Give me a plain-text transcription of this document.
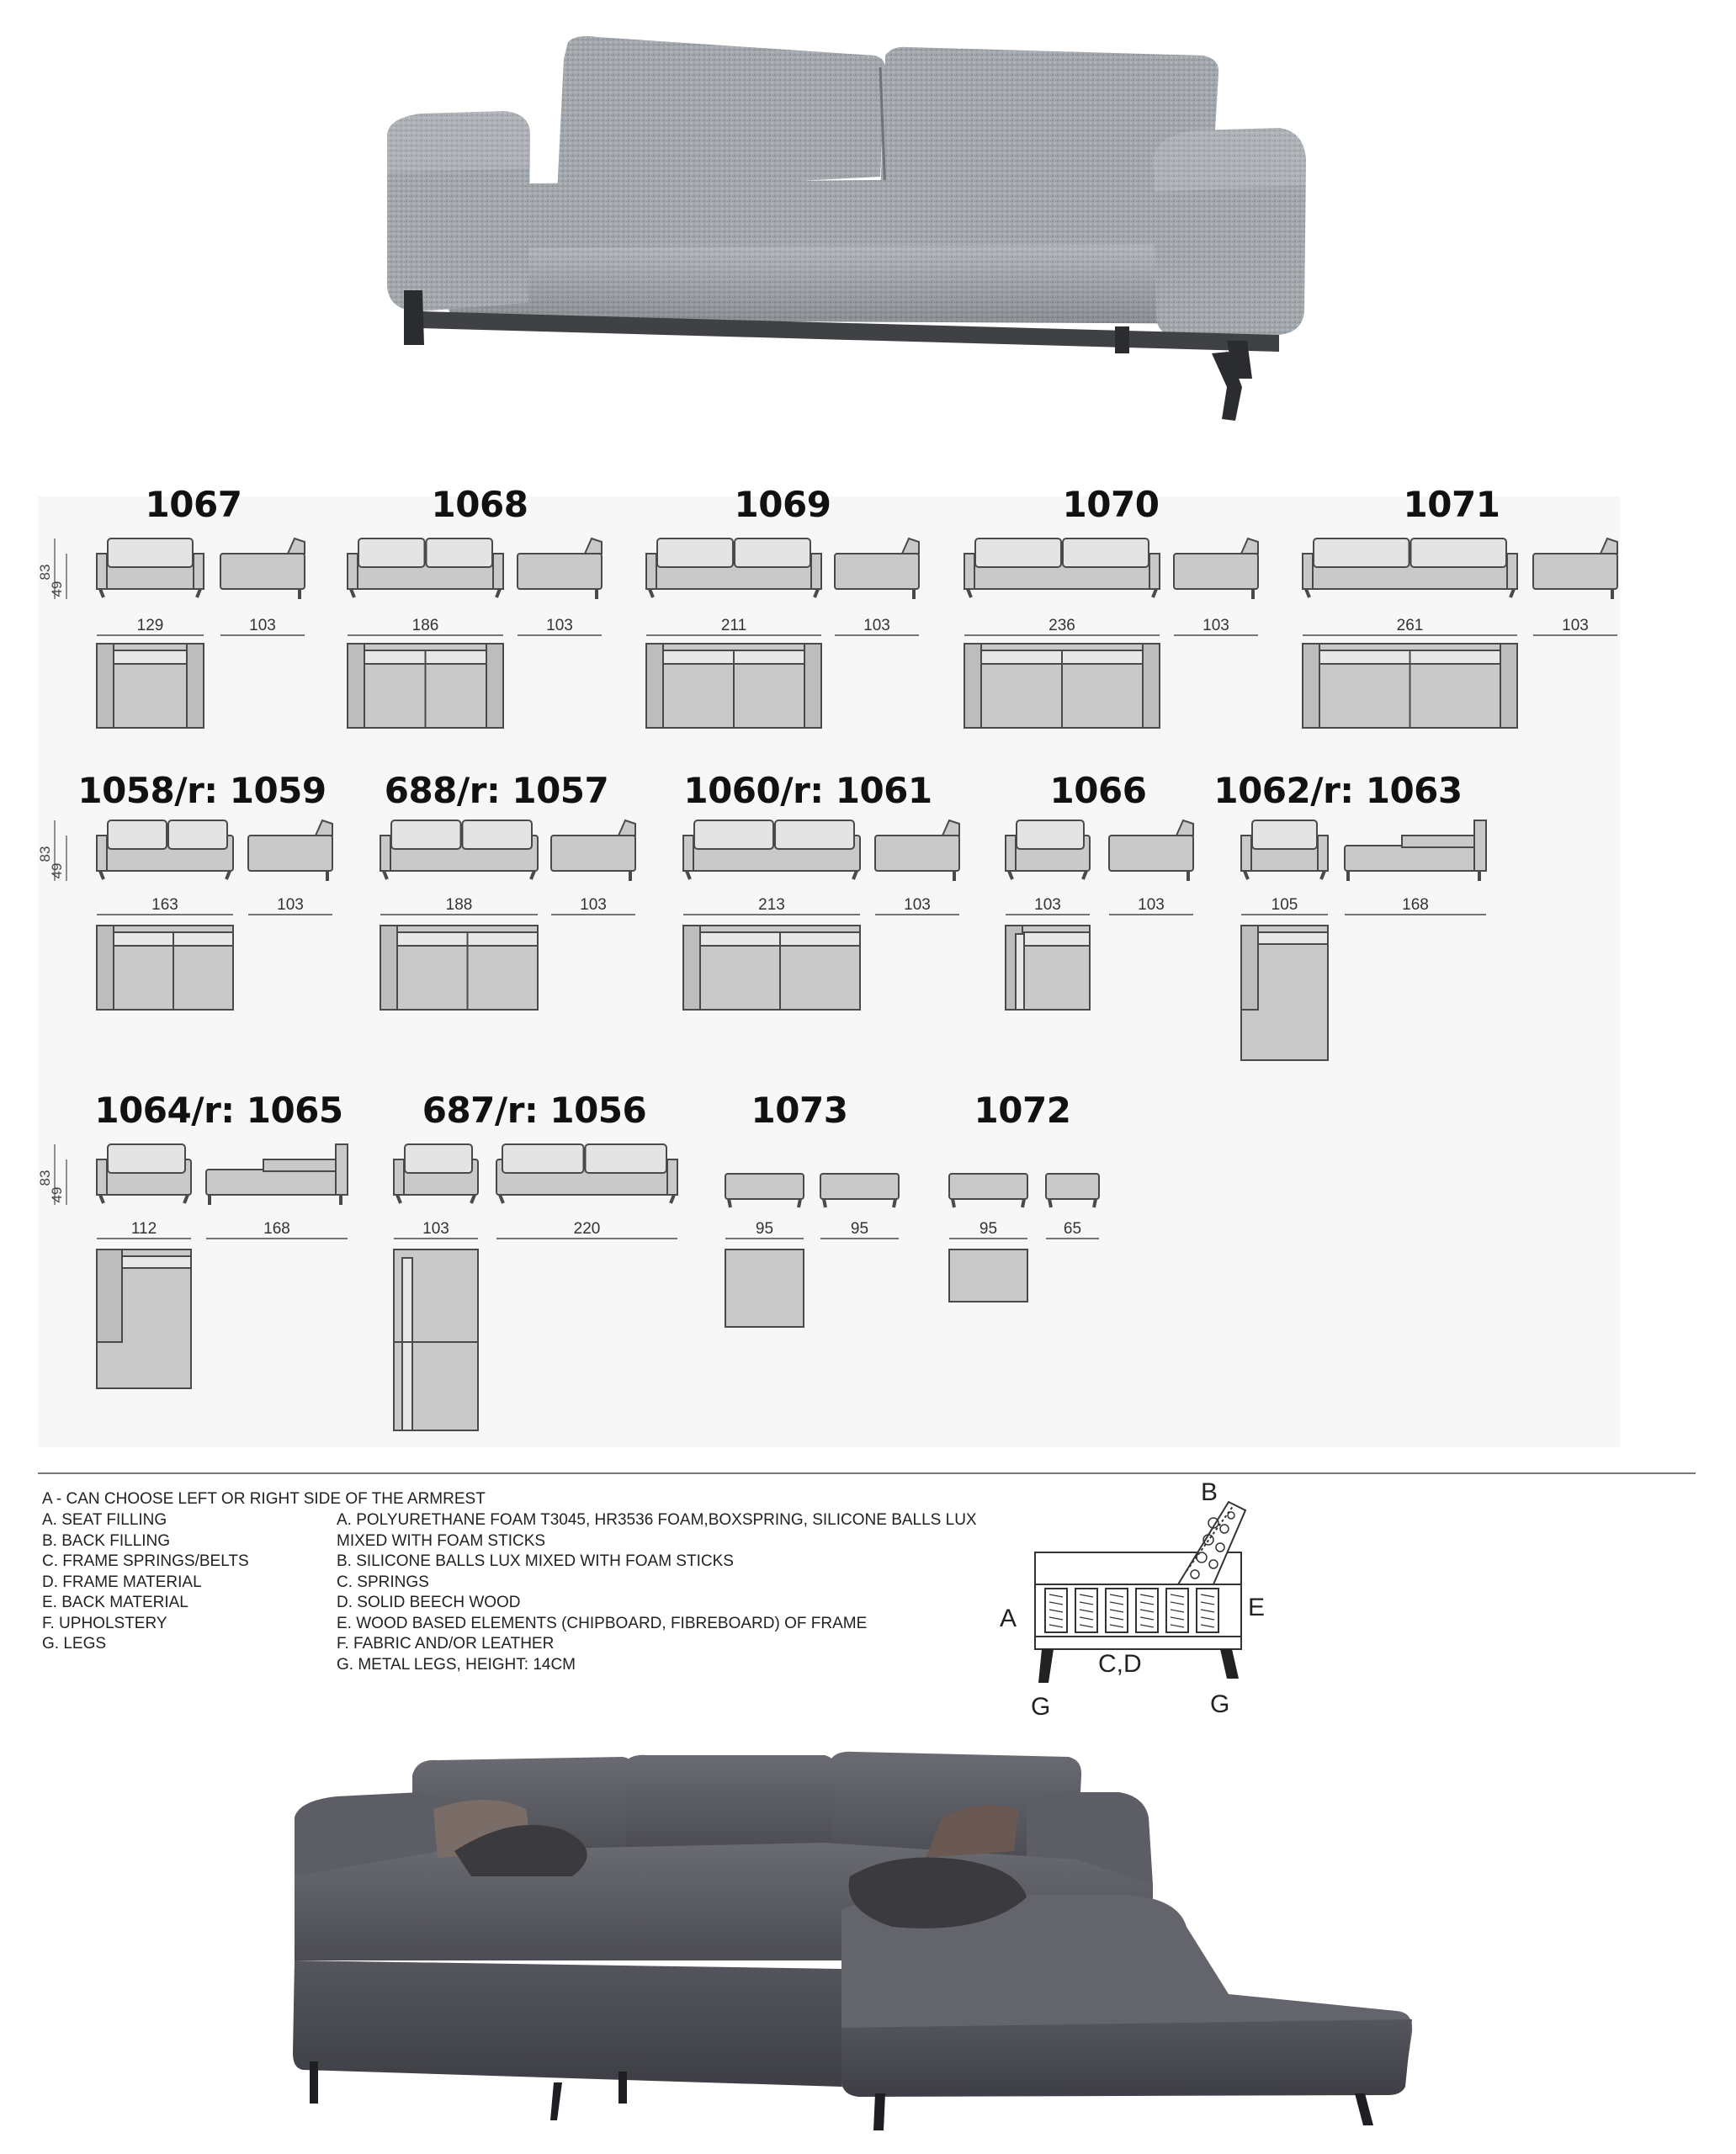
1067	1068	1069	1070	1071
1058/r: 1059	688/r: 1057	1060/r: 1061	1066 1062/r: 1063
1064/r: 1065	687/r: 1056	1073	1072
83
49
129	103	186	103	211	103	236	103	261	103
83
49
163	103	188	103	213	103	103	103	105	168
83
49
112	168	103	220	95	95	95	65
A - CAN CHOOSE LEFT OR RIGHT SIDE OF THE ARMREST
A. SEAT FILLING
B. BACK FILLING
C. FRAME SPRINGS/BELTS
D. FRAME MATERIAL
E. BACK MATERIAL
F. UPHOLSTERY
G. LEGS
A. POLYURETHANE FOAM T3045, HR3536 FOAM,BOXSPRING, SILICONE BALLS LUX
MIXED WITH FOAM STICKS
B. SILICONE BALLS LUX MIXED WITH FOAM STICKS
C. SPRINGS
D. SOLID BEECH WOOD
E. WOOD BASED ELEMENTS (CHIPBOARD, FIBREBOARD) OF FRAME
F. FABRIC AND/OR LEATHER
G. METAL LEGS, HEIGHT: 14CM
B
A	E
C,D
G	G
